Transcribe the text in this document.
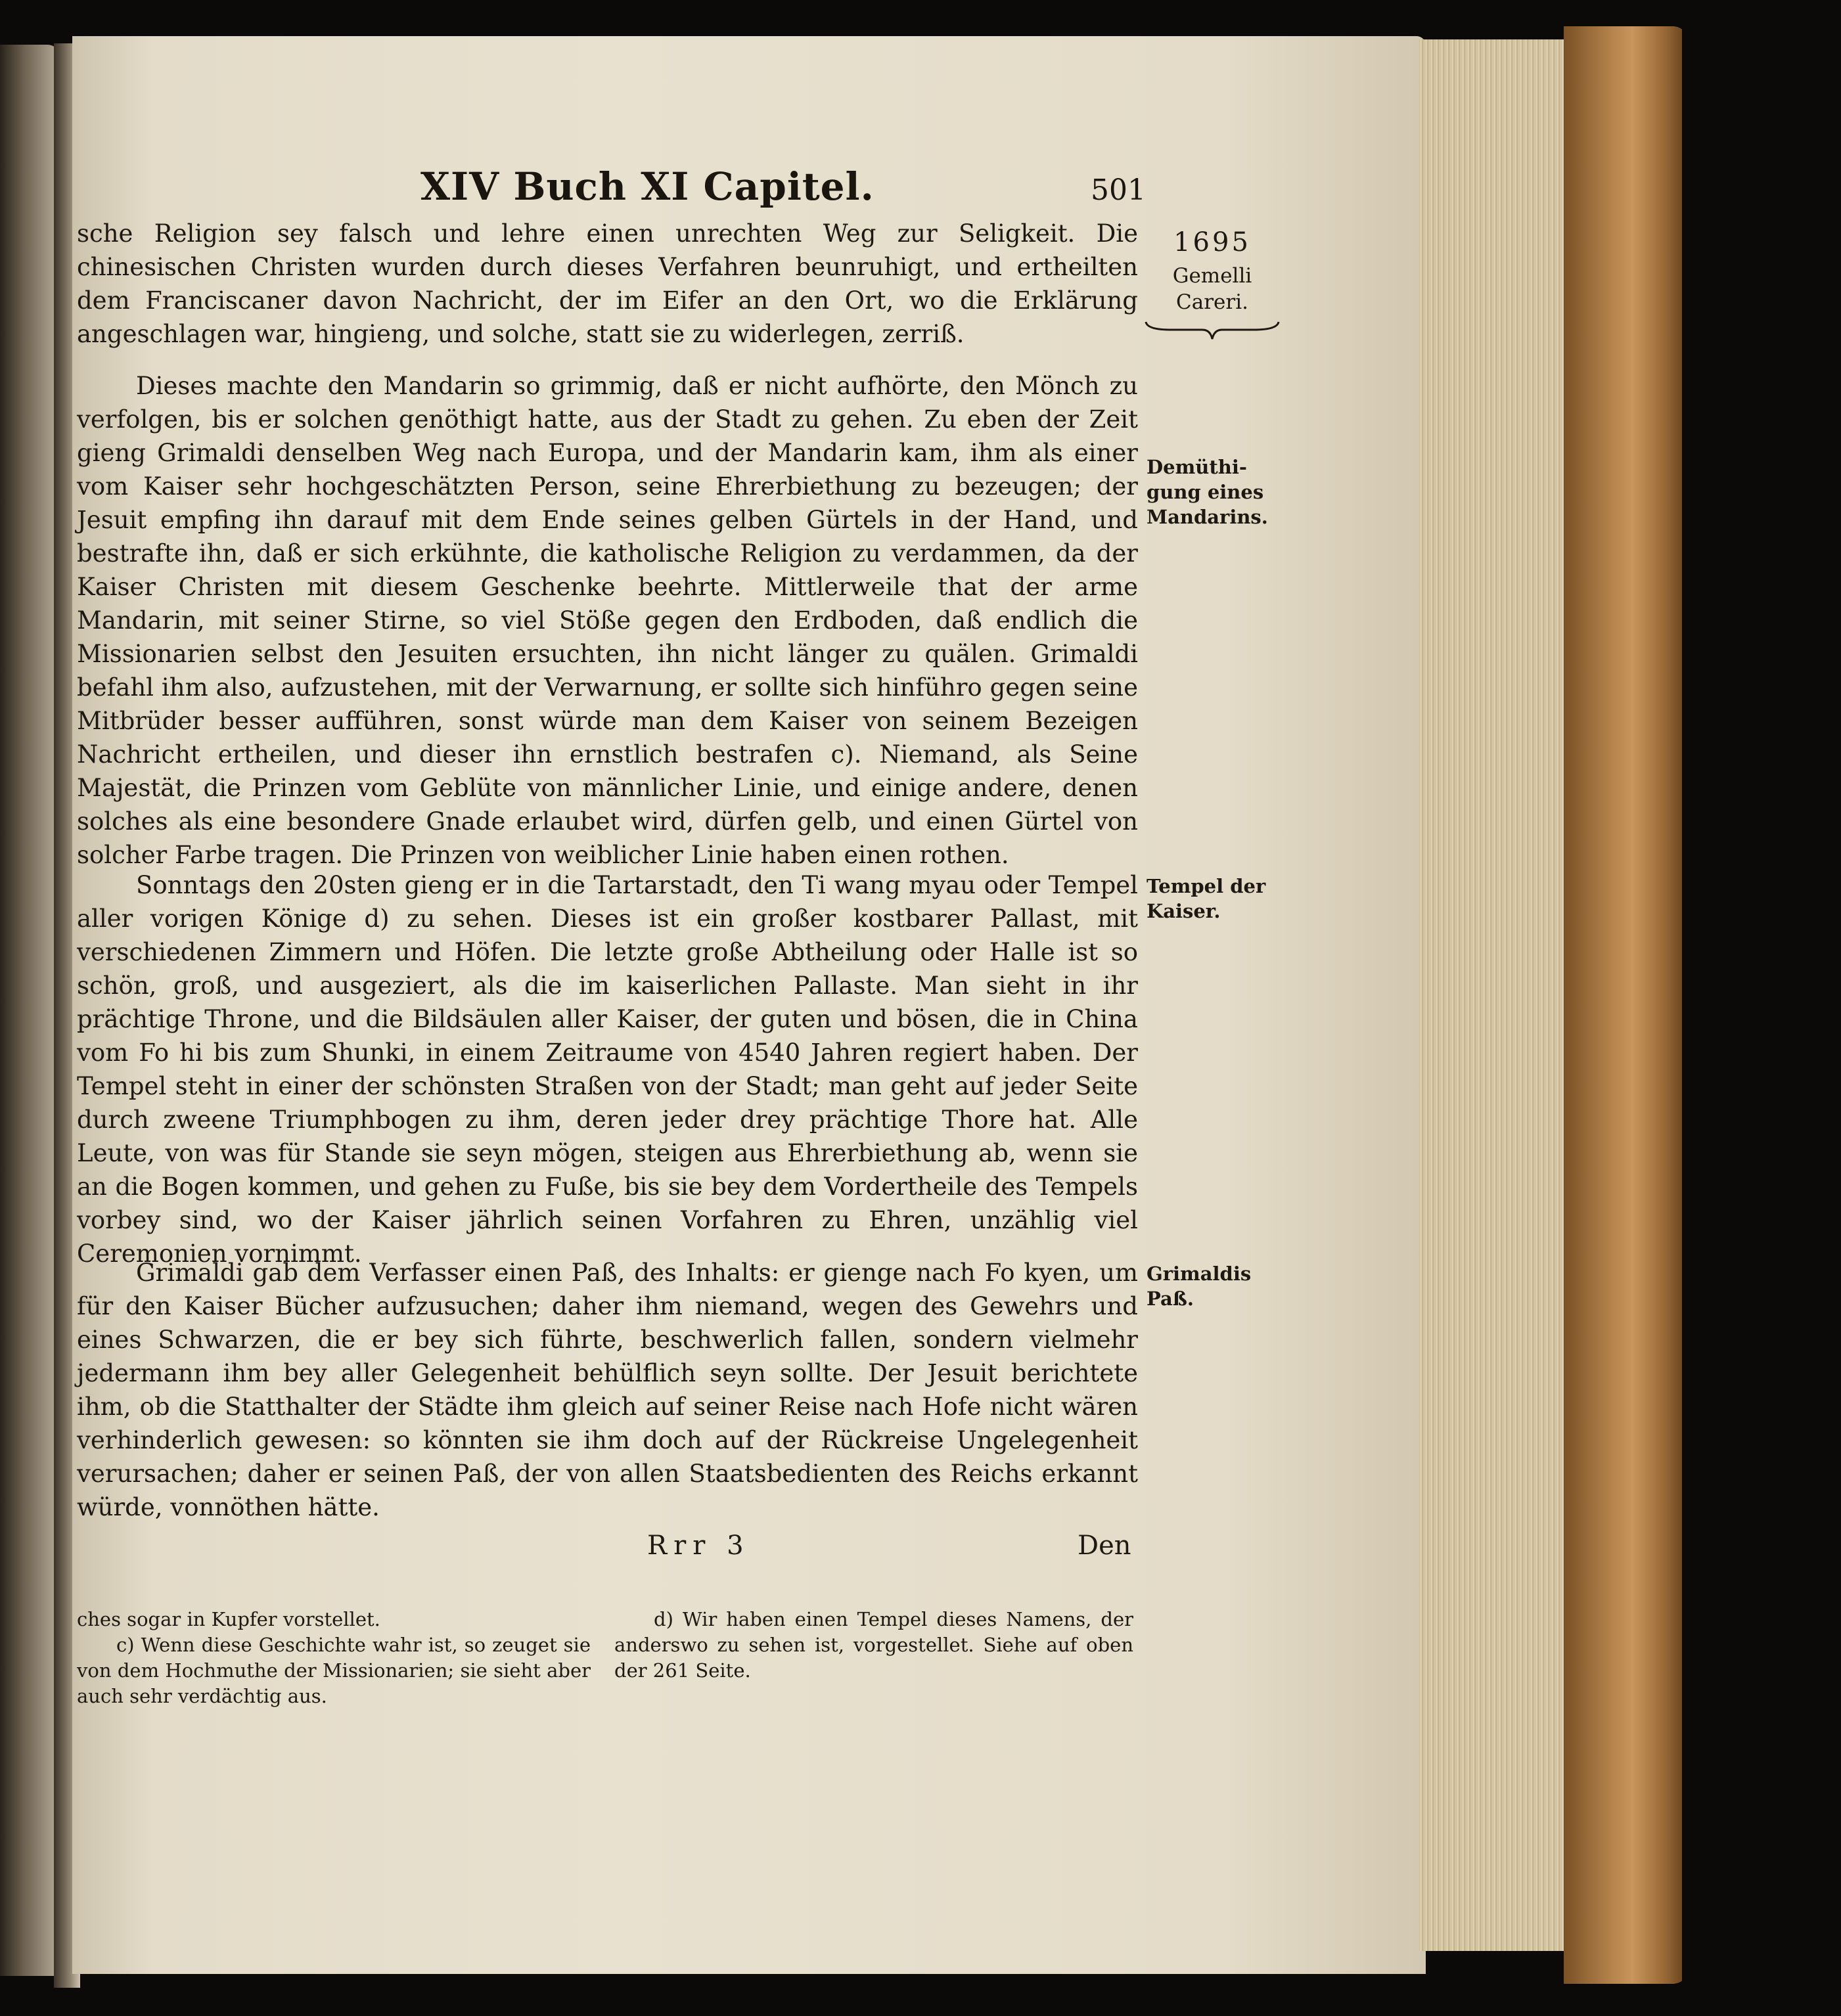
XIV Buch XI Capitel.	501
sche Religion sey falsch und lehre einen unrechten Weg zur Seligkeit. Die chinesischen Christen wurden durch dieses Verfahren beunruhigt, und ertheilten dem Franciscaner davon Nachricht, der im Eifer an den Ort, wo die Erklärung angeschlagen war, hingieng, und solche, statt sie zu widerlegen, zerriß.
Dieses machte den Mandarin so grimmig, daß er nicht aufhörte, den Mönch zu verfolgen, bis er solchen genöthigt hatte, aus der Stadt zu gehen. Zu eben der Zeit gieng Grimaldi denselben Weg nach Europa, und der Mandarin kam, ihm als einer vom Kaiser sehr hochgeschätzten Person, seine Ehrerbiethung zu bezeugen; der Jesuit empfing ihn darauf mit dem Ende seines gelben Gürtels in der Hand, und bestrafte ihn, daß er sich erkühnte, die katholische Religion zu verdammen, da der Kaiser Christen mit diesem Geschenke beehrte. Mittlerweile that der arme Mandarin, mit seiner Stirne, so viel Stöße gegen den Erdboden, daß endlich die Missionarien selbst den Jesuiten ersuchten, ihn nicht länger zu quälen. Grimaldi befahl ihm also, aufzustehen, mit der Verwarnung, er sollte sich hinführo gegen seine Mitbrüder besser aufführen, sonst würde man dem Kaiser von seinem Bezeigen Nachricht ertheilen, und dieser ihn ernstlich bestrafen c). Niemand, als Seine Majestät, die Prinzen vom Geblüte von männlicher Linie, und einige andere, denen solches als eine besondere Gnade erlaubet wird, dürfen gelb, und einen Gürtel von solcher Farbe tragen. Die Prinzen von weiblicher Linie haben einen rothen.
Sonntags den 20sten gieng er in die Tartarstadt, den Ti wang myau oder Tempel aller vorigen Könige d) zu sehen. Dieses ist ein großer kostbarer Pallast, mit verschiedenen Zimmern und Höfen. Die letzte große Abtheilung oder Halle ist so schön, groß, und ausgeziert, als die im kaiserlichen Pallaste. Man sieht in ihr prächtige Throne, und die Bildsäulen aller Kaiser, der guten und bösen, die in China vom Fo hi bis zum Shunki, in einem Zeitraume von 4540 Jahren regiert haben. Der Tempel steht in einer der schönsten Straßen von der Stadt; man geht auf jeder Seite durch zweene Triumphbogen zu ihm, deren jeder drey prächtige Thore hat. Alle Leute, von was für Stande sie seyn mögen, steigen aus Ehrerbiethung ab, wenn sie an die Bogen kommen, und gehen zu Fuße, bis sie bey dem Vordertheile des Tempels vorbey sind, wo der Kaiser jährlich seinen Vorfahren zu Ehren, unzählig viel Ceremonien vornimmt.
Grimaldi gab dem Verfasser einen Paß, des Inhalts: er gienge nach Fo kyen, um für den Kaiser Bücher aufzusuchen; daher ihm niemand, wegen des Gewehrs und eines Schwarzen, die er bey sich führte, beschwerlich fallen, sondern vielmehr jedermann ihm bey aller Gelegenheit behülflich seyn sollte. Der Jesuit berichtete ihm, ob die Statthalter der Städte ihm gleich auf seiner Reise nach Hofe nicht wären verhinderlich gewesen: so könnten sie ihm doch auf der Rückreise Ungelegenheit verursachen; daher er seinen Paß, der von allen Staatsbedienten des Reichs erkannt würde, vonnöthen hätte.
1695
Gemelli
Careri.
Demüthi-
gung eines
Mandarins.
Tempel der
Kaiser.
Grimaldis
Paß.
Rrr 3	Den
ches sogar in Kupfer vorstellet.
c) Wenn diese Geschichte wahr ist, so zeuget sie von dem Hochmuthe der Missionarien; sie sieht aber auch sehr verdächtig aus.
d) Wir haben einen Tempel dieses Namens, der anderswo zu sehen ist, vorgestellet. Siehe auf oben der 261 Seite.
